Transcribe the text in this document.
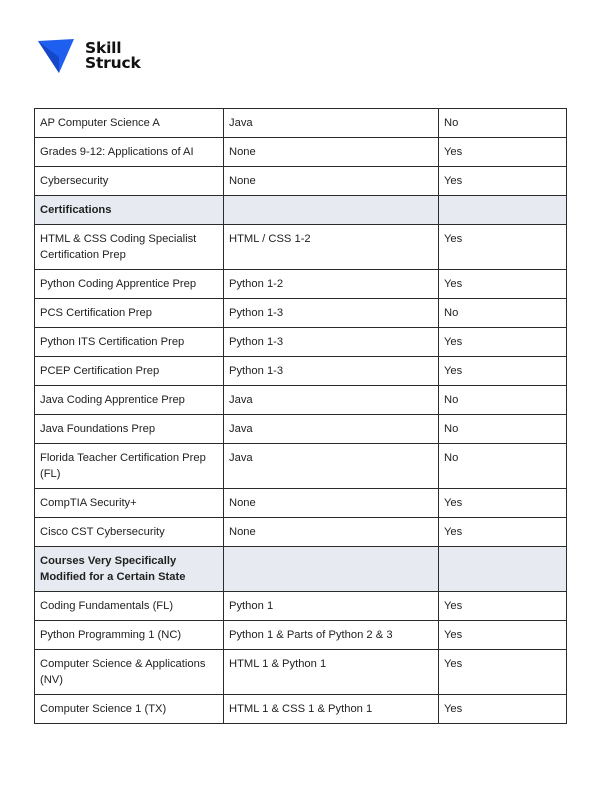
Skill
Struck
AP Computer Science A	Java	No
Grades 9-12: Applications of AI	None	Yes
Cybersecurity	None	Yes
Certifications		
HTML & CSS Coding Specialist Certification Prep	HTML / CSS 1-2	Yes
Python Coding Apprentice Prep	Python 1-2	Yes
PCS Certification Prep	Python 1-3	No
Python ITS Certification Prep	Python 1-3	Yes
PCEP Certification Prep	Python 1-3	Yes
Java Coding Apprentice Prep	Java	No
Java Foundations Prep	Java	No
Florida Teacher Certification Prep (FL)	Java	No
CompTIA Security+	None	Yes
Cisco CST Cybersecurity	None	Yes
Courses Very Specifically Modified for a Certain State		
Coding Fundamentals (FL)	Python 1	Yes
Python Programming 1 (NC)	Python 1 & Parts of Python 2 & 3	Yes
Computer Science & Applications (NV)	HTML 1 & Python 1	Yes
Computer Science 1 (TX)	HTML 1 & CSS 1 & Python 1	Yes
